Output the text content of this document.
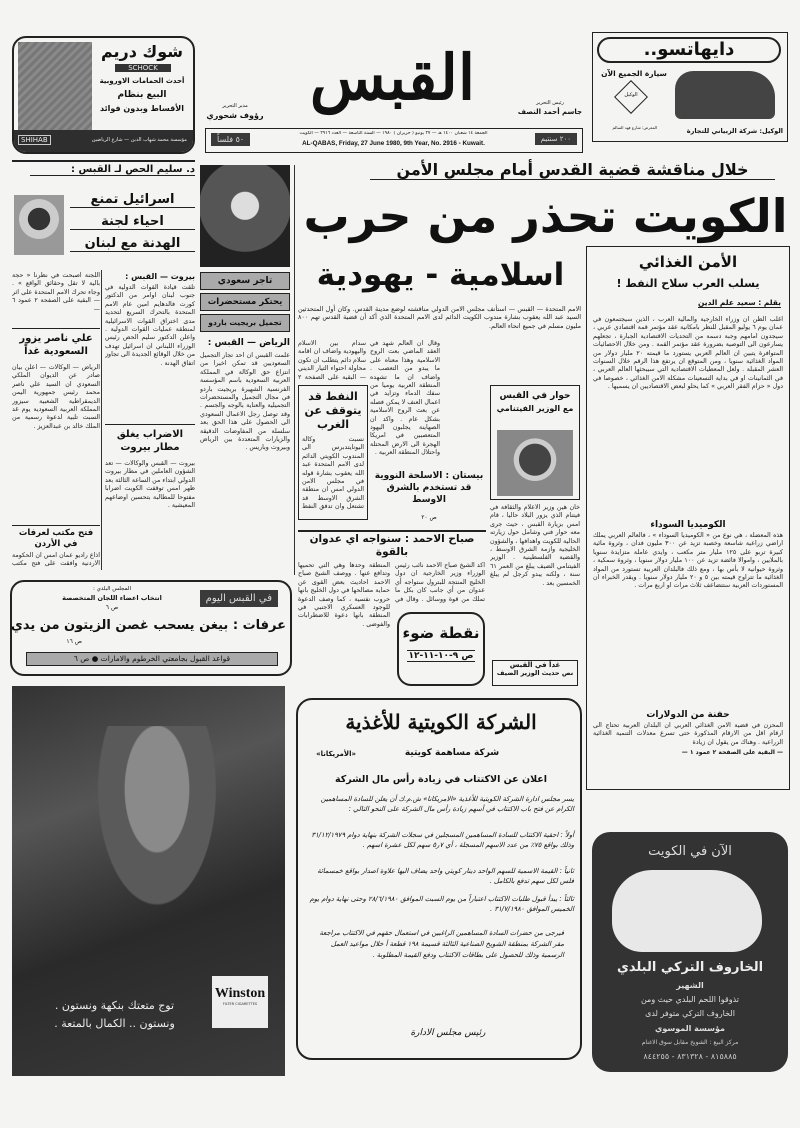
شوك دريم
SCHOCK
أحدث الحمامات الاوروبية
البيع بنظام
الأقساط وبدون فوائد
مؤسسة محمد شهاب الدين — شارع الرياضين
SHIHAB
القبس
مدير التحرير
رؤوف شحوري
رئيس التحرير
جاسم أحمد النصف
٥٠ فلساً	٢٠٠ سنتيم
الجمعة ١٤ شعبان ١٤٠٠ هـ — ٢٧ يونيو ( حزيران ) ١٩٨٠ — السنة التاسعة — العدد ٢٩١٦ — الكويت
AL-QABAS, Friday, 27 June 1980, 9th Year, No. 2916 - Kuwait.
دايهاتسو..
سيارة الجميع الآن
الوكيل
الوكيل: شركة الزبياني للتجارة
المعرض: شارع فهد السالم
خلال مناقشة قضية القدس أمام مجلس الأمن
الكويت تحذر من حرب
اسلامية - يهودية
الامم المتحدة — القبس — استأنف مجلس الامن الدولي مناقشته لوضع مدينة القدس. وكان أول المتحدثين السيد عبد الله يعقوب بشارة مندوب الكويت الدائم لدى الامم المتحدة الذي أكد أن قضية القدس تهم ٨٠٠ مليون مسلم في جميع انحاء العالم.
تاجر سعودي
يحتكر مستحضرات
تجميل بريجيت باردو
الرياض — القبس :
علمت القبس ان احد تجار التجميل السعوديين قد تمكن اخيرا من انتزاع حق الوكالة في المملكة العربية السعودية باسم المؤسسة الفرنسية الشهيرة بريجيت باردو في مجال التجميل والمستحضرات التجميلية والعناية بالوجه والجسم . وقد توصل رجل الاعمال السعودي الى الحصول على هذا الحق بعد سلسلة من المفاوضات الدقيقة والزيارات المتعددة بين الرياض وبيروت وباريس .
وقال ان العالم شهد في العقد الماضي بعث الروح الاسلامية وهذا معناه على ما يبدو من التعصب . واضاف ان ما تشهده المنطقة العربية يوميا من سفك الدماء وتزايد في اعمال العنف لا يمكن فصله عن بعث الروح الاسلامية بشكل عام . واكد ان الصهاينة يجلبون اليهود المتعصبين في امريكا الهجرة الى الارض المحتلة واحتلال المنطقة العربية .
سدام بين الاسلام واليهودية واضاف ان اقامة سلام دائم يتطلب ان تكون محاولة احتواء التيار الديني — البقية على الصفحة ٢
النفط قد يتوقف عن الغرب
نسبت وكالة اليونايتدبرس الى المندوب الكويتي الدائم لدى الامم المتحدة عبد الله يعقوب بشارة قوله في مجلس الامن الدولي امس ان منطقة الشرق الاوسط قد تشتعل وان تدفق النفط
بيستان : الاسلحة النووية قد تستخدم بالشرق الاوسط
ص ٢٠
حوار في القبس
مع الوزير الفيتنامي
خان هين وزير الاعلام والثقافة في فيتنام الذي يزور البلاد حاليا ، قام امس بزيارة القبس ، حيث جرى معه حوار فني وشامل حول زيارته الحالية للكويت واهدافها ، والشؤون الخليجية وازمة الشرق الاوسط ، والقضية الفلسطينية . الوزير الفيتنامي الضيف يبلغ من العمر ٦١ سنة ، ولكنه يبدو كرجل لم يبلغ الخمسين بعد .
غداً في القبس
نص حديث الوزير الضيف
صباح الاحمد : سنواجه اي عدوان بالقوة
اكد الشيخ صباح الاحمد نائب رئيس الوزراء وزير الخارجية ان دول الخليج المنتجة للبترول ستواجه أي عدوان من أي جانب كان بكل ما تملك من قوة ووسائل . وقال في
المنطقة وحدها وهي التي تحميها وتدافع عنها . ووصف الشيخ صباح الاحمد احاديث بعض القوى عن حماية مصالحها في دول الخليج بانها حروب نفسية ، كما وصف الدعوة للوجود العسكري الاجنبي في المنطقة بانها دعوة للاضطرابات والفوضى . نقطة ضوء
ص ٩-١٠-١١-١٢
د. سليم الحص لـ القبس :
اسرائيل تمنع
احياء لجنة
الهدنة مع لبنان
اللجنة اصبحت في نظرنا « حجة بالية لا تقل وحقائق الواقع » . وجاء تحرك الامم المتحدة على اثر — البقية على الصفحة ٢ عمود ٦ —
بيروت — القبس :
تلقت قيادة القوات الدولية في جنوب لبنان اوامر من الدكتور كورت فالدهايم امين عام الامم المتحدة بالتحرك السريع لتحديد مدى اختراق القوات الاسرائيلية لمنطقة عمليات القوات الدولية . واعلن الدكتور سليم الحص رئيس الوزراء اللبناني ان اسرائيل تهدف من خلال الوقائع الجديدة الى تجاوز اتفاق الهدنة .
علي ناصر يزور السعودية غداً
الرياض — الوكالات — اعلن بيان صادر عن الديوان الملكي السعودي ان السيد علي ناصر محمد رئيس جمهورية اليمن الديمقراطية الشعبية سيزور المملكة العربية السعودية يوم غد السبت تلبية لدعوة رسمية من الملك خالد بن عبدالعزيز .
الاضراب يغلق مطار بيروت
بيروت — القبس والوكالات — تعد الشؤون العاملين في مطار بيروت الدولي ابتداء من الساعة الثالثة بعد ظهر امس توقفت الكويت اضرابا مفتوحا للمطالبة بتحسين اوضاعهم المعيشية .
فتح مكتب لعرفات في الأردن
اذاع راديو عمان امس ان الحكومة الاردنية وافقت على فتح مكتب
في القبس اليوم
المجلس البلدي :
انتخاب اعضاء اللجان المتخصصة
ص ٦
عرفات : بيغن يسحب غصن الزيتون من يدي
ص ١٦
قواعد القبول بجامعتي الخرطوم والامارات ● ص ٦
Winston
FILTER CIGARETTES
توج متعتك بنكهة ونستون .
ونستون .. الكمال بالمتعة .
الأمن الغذائي
يسلب العرب سلاح النفط !
بقلم : سعيد علم الدين
اغلب الظن ان وزراء الخارجية والمالية العرب ، الذين سيجتمعون في عمان يوم ٦ يوليو المقبل للنظر بامكانية عقد مؤتمر قمة اقتصادي عربي ، سيجدون امامهم وجبة دسمة من التحديات الاقتصادية الجبارة ، تجعلهم يسارعون الى التوصية بضرورة عقد مؤتمر القمة . ومن خلال الاحصائيات المتوافرة يتبين ان العالم العربي يستورد ما قيمته ٢٠ مليار دولار من المواد الغذائية سنويا ، ومن المتوقع ان يرتفع هذا الرقم خلال السنوات العشر المقبلة . ولعل المعطيات الاقتصادية التي سيبحثها العالم العربي ، في الثمانينات او في بداية التسعينات مشكلة الامن الغذائي ، خصوصا في دول « حزام الفقر العربي » كما يحلو لبعض الاقتصاديين ان يسميها .
الكوميديا السوداء
هذه المعضلة ، هي نوع من « الكوميديا السوداء » ، فالعالم العربي يملك اراضي زراعية شاسعة وخصبة تزيد عن ٣٠٠ مليون فدان ، وثروة مائية كبيرة تربو على ١٢٥ مليار متر مكعب ، وايدي عاملة متزايدة سنويا بالملايين ، واموالا فائضة تزيد عن ١٠٠ مليار دولار سنويا ، وثروة سمكية ، وثروة حيوانية لا بأس بها ، ومع ذلك فالبلدان العربية تستورد من المواد الغذائية ما تتراوح قيمته بين ٥ و ٢٠ مليار دولار سنويا . ويقدر الخبراء ان المستوردات العربية ستتضاعف ثلاث مرات او اربع مرات .
حفنة من الدولارات
المحزن في قضية الامن الغذائي العربي ان البلدان العربية تحتاج الى ارقام اقل من الارقام المذكورة حتى تسرع معدلات التنمية الغذائية الزراعية . وهناك من يقول ان زيادة
— البقية على الصفحة ٢ عمود ١ —
الشركة الكويتية للأغذية
«الأمريكانا»	شركة مساهمة كويتية
اعلان عن الاكتتاب في زيادة رأس مال الشركة
يسر مجلس ادارة الشركة الكويتية للأغذية «الامريكانا» ش.م.ك أن يعلن للسادة المساهمين الكرام عن فتح باب الاكتتاب في أسهم زيادة رأس مال الشركة على النحو التالي :
أولاً : احقية الاكتتاب للسادة المساهمين المسجلين في سجلات الشركة بنهاية دوام ٣١/١٢/١٩٧٩ وذلك بواقع ٧٥٪ من عدد الاسهم المسجلة ، أي ٧ر٥ سهم لكل عشرة اسهم .
ثانياً : القيمة الاسمية للسهم الواحد دينار كويتي واحد يضاف اليها علاوة اصدار بواقع خمسمائة فلس لكل سهم تدفع بالكامل .
ثالثاً : يبدأ قبول طلبات الاكتتاب اعتباراً من يوم السبت الموافق ٢٨/٦/١٩٨٠ وحتى نهاية دوام يوم الخميس الموافق ٣١/٧/١٩٨٠ .
فيرجى من حضرات السادة المساهمين الراغبين في استعمال حقهم في الاكتتاب مراجعة مقر الشركة بمنطقة الشويخ الصناعية الثالثة قسيمة ١٩٨ قطعة أ خلال مواعيد العمل الرسمية وذلك للحصول على بطاقات الاكتتاب ودفع القيمة المطلوبة .
رئيس مجلس الادارة
الآن في الكويت
الخاروف التركي البلدي
الشهير
تذوقوا اللحم البلدي حيث ومن
الخاروف التركي متوفر لدى
مؤسسة الموسوي
مركز البيع : الشويخ مقابل سوق الاغنام
٨١٥٨٨٥ - ٨٣١٣٢٨ - ٨٤٤٢٥٥
